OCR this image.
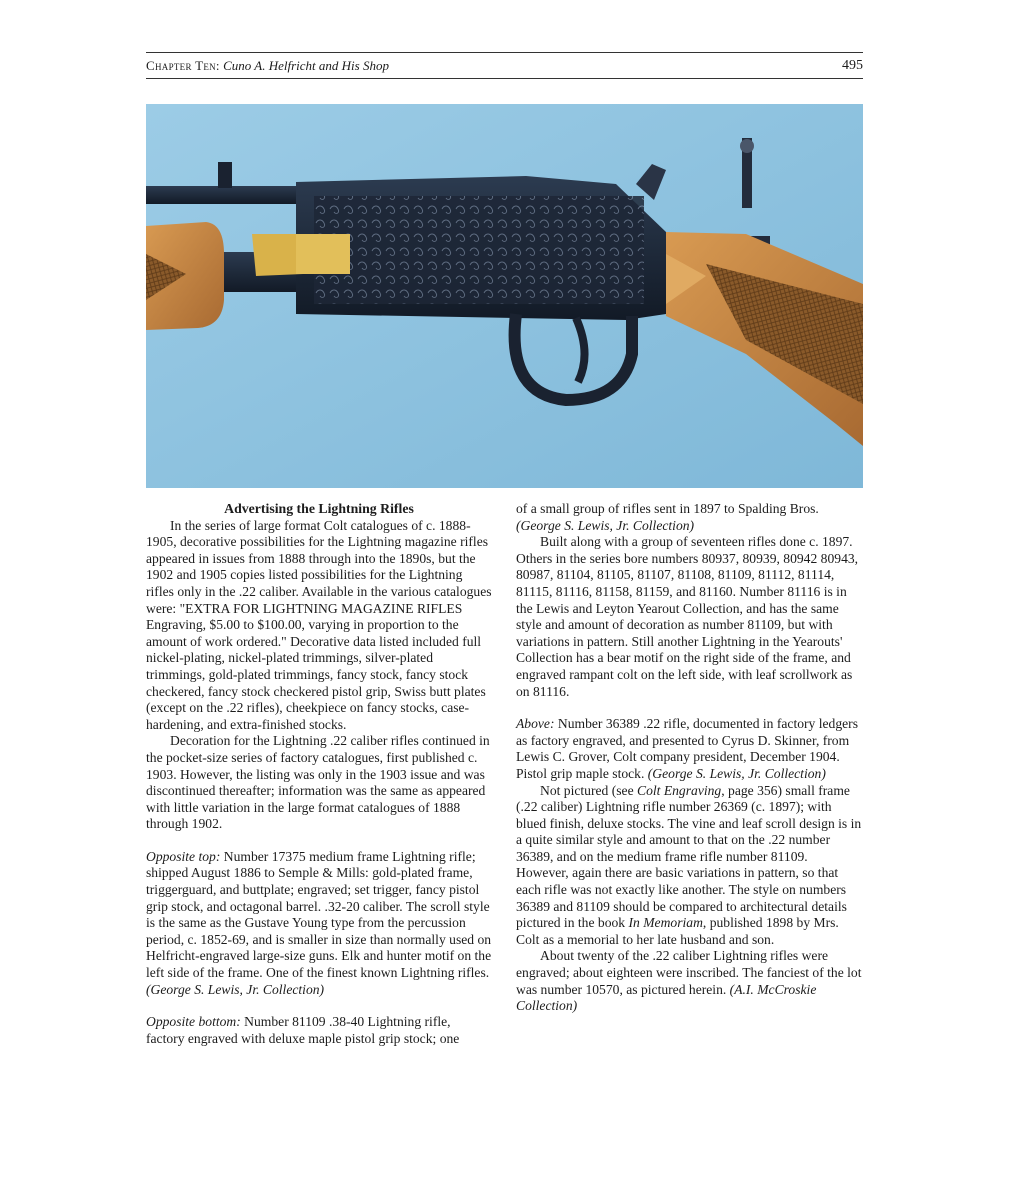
Chapter Ten: Cuno A. Helfricht and His Shop	495
Advertising the Lightning Rifles

In the series of large format Colt catalogues of c. 1888-1905, decorative possibilities for the Lightning magazine rifles appeared in issues from 1888 through into the 1890s, but the 1902 and 1905 copies listed possibilities for the Lightning rifles only in the .22 caliber. Available in the various catalogues were: "EXTRA FOR LIGHTNING MAGAZINE RIFLES Engraving, $5.00 to $100.00, varying in proportion to the amount of work ordered." Decorative data listed included full nickel-plating, nickel-plated trimmings, silver-plated trimmings, gold-plated trimmings, fancy stock, fancy stock checkered, fancy stock checkered pistol grip, Swiss butt plates (except on the .22 rifles), cheekpiece on fancy stocks, case-hardening, and extra-finished stocks.

Decoration for the Lightning .22 caliber rifles continued in the pocket-size series of factory catalogues, first published c. 1903. However, the listing was only in the 1903 issue and was discontinued thereafter; information was the same as appeared with little variation in the large format catalogues of 1888 through 1902.

Opposite top: Number 17375 medium frame Lightning rifle; shipped August 1886 to Semple & Mills: gold-plated frame, triggerguard, and buttplate; engraved; set trigger, fancy pistol grip stock, and octagonal barrel. .32-20 caliber. The scroll style is the same as the Gustave Young type from the percussion period, c. 1852-69, and is smaller in size than normally used on Helfricht-engraved large-size guns. Elk and hunter motif on the left side of the frame. One of the finest known Lightning rifles. (George S. Lewis, Jr. Collection)

Opposite bottom: Number 81109 .38-40 Lightning rifle, factory engraved with deluxe maple pistol grip stock; one

of a small group of rifles sent in 1897 to Spalding Bros. (George S. Lewis, Jr. Collection)

Built along with a group of seventeen rifles done c. 1897. Others in the series bore numbers 80937, 80939, 80942 80943, 80987, 81104, 81105, 81107, 81108, 81109, 81112, 81114, 81115, 81116, 81158, 81159, and 81160. Number 81116 is in the Lewis and Leyton Yearout Collection, and has the same style and amount of decoration as number 81109, but with variations in pattern. Still another Lightning in the Yearouts' Collection has a bear motif on the right side of the frame, and engraved rampant colt on the left side, with leaf scrollwork as on 81116.

Above: Number 36389 .22 rifle, documented in factory ledgers as factory engraved, and presented to Cyrus D. Skinner, from Lewis C. Grover, Colt company president, December 1904. Pistol grip maple stock. (George S. Lewis, Jr. Collection)

Not pictured (see Colt Engraving, page 356) small frame (.22 caliber) Lightning rifle number 26369 (c. 1897); with blued finish, deluxe stocks. The vine and leaf scroll design is in a quite similar style and amount to that on the .22 number 36389, and on the medium frame rifle number 81109. However, again there are basic variations in pattern, so that each rifle was not exactly like another. The style on numbers 36389 and 81109 should be compared to architectural details pictured in the book In Memoriam, published 1898 by Mrs. Colt as a memorial to her late husband and son.

About twenty of the .22 caliber Lightning rifles were engraved; about eighteen were inscribed. The fanciest of the lot was number 10570, as pictured herein. (A.I. McCroskie Collection)
